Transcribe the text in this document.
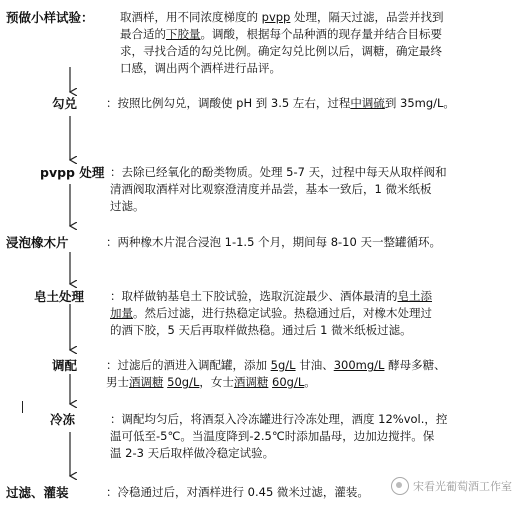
预做小样试验： 取酒样，用不同浓度梯度的 pvpp 处理，隔天过滤，品尝并找到
最合适的下胶量。调酸，根据每个品种酒的现存量并结合目标要
求，寻找合适的勾兑比例。确定勾兑比例以后，调糖，确定最终
口感，调出两个酒样进行品评。
勾兑	：按照比例勾兑，调酸使 pH 到 3.5 左右，过程中调硫到 35mg/L。
pvpp 处理 ：去除已经氧化的酚类物质。处理 5-7 天，过程中每天从取样阀和
清酒阀取酒样对比观察澄清度并品尝，基本一致后，1 微米纸板
过滤。
浸泡橡木片	：两种橡木片混合浸泡 1-1.5 个月，期间每 8-10 天一整罐循环。
皂土处理 ：取样做钠基皂土下胶试验，选取沉淀最少、酒体最清的皂土添
加量。然后过滤，进行热稳定试验。热稳通过后，对橡木处理过
的酒下胶，5 天后再取样做热稳。通过后 1 微米纸板过滤。
调配	：过滤后的酒进入调配罐，添加 5g/L 甘油、300mg/L 酵母多糖、
男士酒调糖 50g/L，女士酒调糖 60g/L。
冷冻	：调配均匀后，将酒泵入冷冻罐进行冷冻处理，酒度 12%vol.，控
温可低至-5℃。当温度降到-2.5℃时添加晶母，边加边搅拌。保
温 2-3 天后取样做冷稳定试验。
过滤、灌装	：冷稳通过后，对酒样进行 0.45 微米过滤，灌装。	宋看光葡萄酒工作室
